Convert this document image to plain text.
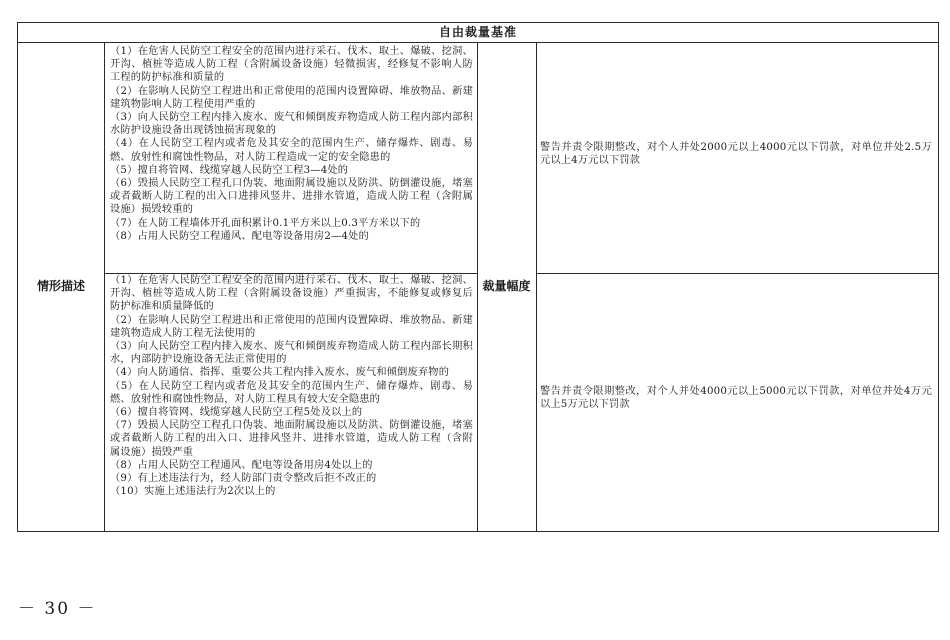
自由裁量基准
情形描述	裁量幅度

（1）在危害人民防空工程安全的范围内进行采石、伐木、取土、爆破、挖洞、开沟、植桩等造成人防工程（含附属设备设施）轻微损害，经修复不影响人防工程的防护标准和质量的

（2）在影响人民防空工程进出和正常使用的范围内设置障碍、堆放物品、新建建筑物影响人防工程使用严重的

（3）向人民防空工程内排入废水、废气和倾倒废弃物造成人防工程内部内部积水防护设施设备出现锈蚀损害现象的

（4）在人民防空工程内或者危及其安全的范围内生产、储存爆炸、剧毒、易燃、放射性和腐蚀性物品，对人防工程造成一定的安全隐患的

（5）擅自将管网、线缆穿越人民防空工程3—4处的

（6）毁损人民防空工程孔口伪装、地面附属设施以及防洪、防倒灌设施，堵塞或者截断人防工程的出入口进排风竖井、进排水管道，造成人防工程（含附属设施）损毁较重的

（7）在人防工程墙体开孔面积累计0.1平方米以上0.3平方米以下的

（8）占用人民防空工程通风、配电等设备用房2—4处的

警告并责令限期整改，对个人并处2000元以上4000元以下罚款，对单位并处2.5万元以上4万元以下罚款

（1）在危害人民防空工程安全的范围内进行采石、伐木、取土、爆破、挖洞、开沟、植桩等造成人防工程（含附属设备设施）严重损害，不能修复或修复后防护标准和质量降低的

（2）在影响人民防空工程进出和正常使用的范围内设置障碍、堆放物品、新建建筑物造成人防工程无法使用的

（3）向人民防空工程内排入废水、废气和倾倒废弃物造成人防工程内部长期积水，内部防护设施设备无法正常使用的

（4）向人防通信、指挥、重要公共工程内排入废水、废气和倾倒废弃物的

（5）在人民防空工程内或者危及其安全的范围内生产、储存爆炸、剧毒、易燃、放射性和腐蚀性物品，对人防工程具有较大安全隐患的

（6）擅自将管网、线缆穿越人民防空工程5处及以上的

（7）毁损人民防空工程孔口伪装、地面附属设施以及防洪、防倒灌设施，堵塞或者截断人防工程的出入口、进排风竖井、进排水管道，造成人防工程（含附属设施）损毁严重

（8）占用人民防空工程通风、配电等设备用房4处以上的

（9）有上述违法行为，经人防部门责令整改后拒不改正的

（10）实施上述违法行为2次以上的

警告并责令限期整改，对个人并处4000元以上5000元以下罚款，对单位并处4万元以上5万元以下罚款
－ 30 －
